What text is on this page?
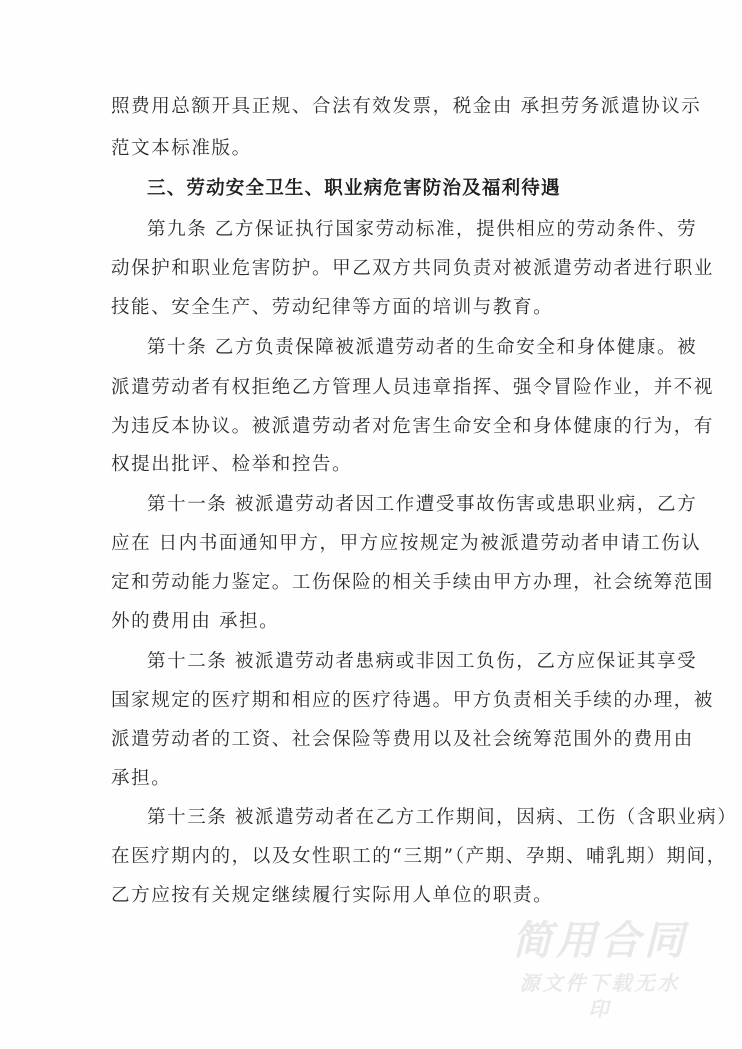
照费用总额开具正规、合法有效发票，税金由 承担劳务派遣协议示
范文本标准版。
三、劳动安全卫生、职业病危害防治及福利待遇
第九条 乙方保证执行国家劳动标准，提供相应的劳动条件、劳
动保护和职业危害防护。甲乙双方共同负责对被派遣劳动者进行职业
技能、安全生产、劳动纪律等方面的培训与教育。
第十条 乙方负责保障被派遣劳动者的生命安全和身体健康。被
派遣劳动者有权拒绝乙方管理人员违章指挥、强令冒险作业，并不视
为违反本协议。被派遣劳动者对危害生命安全和身体健康的行为，有
权提出批评、检举和控告。
第十一条 被派遣劳动者因工作遭受事故伤害或患职业病，乙方
应在 日内书面通知甲方，甲方应按规定为被派遣劳动者申请工伤认
定和劳动能力鉴定。工伤保险的相关手续由甲方办理，社会统筹范围
外的费用由 承担。
第十二条 被派遣劳动者患病或非因工负伤，乙方应保证其享受
国家规定的医疗期和相应的医疗待遇。甲方负责相关手续的办理，被
派遣劳动者的工资、社会保险等费用以及社会统筹范围外的费用由
承担。
第十三条 被派遣劳动者在乙方工作期间，因病、工伤（含职业病）
在医疗期内的，以及女性职工的“三期”（产期、孕期、哺乳期）期间，
乙方应按有关规定继续履行实际用人单位的职责。
简用合同
源文件下载无水印
